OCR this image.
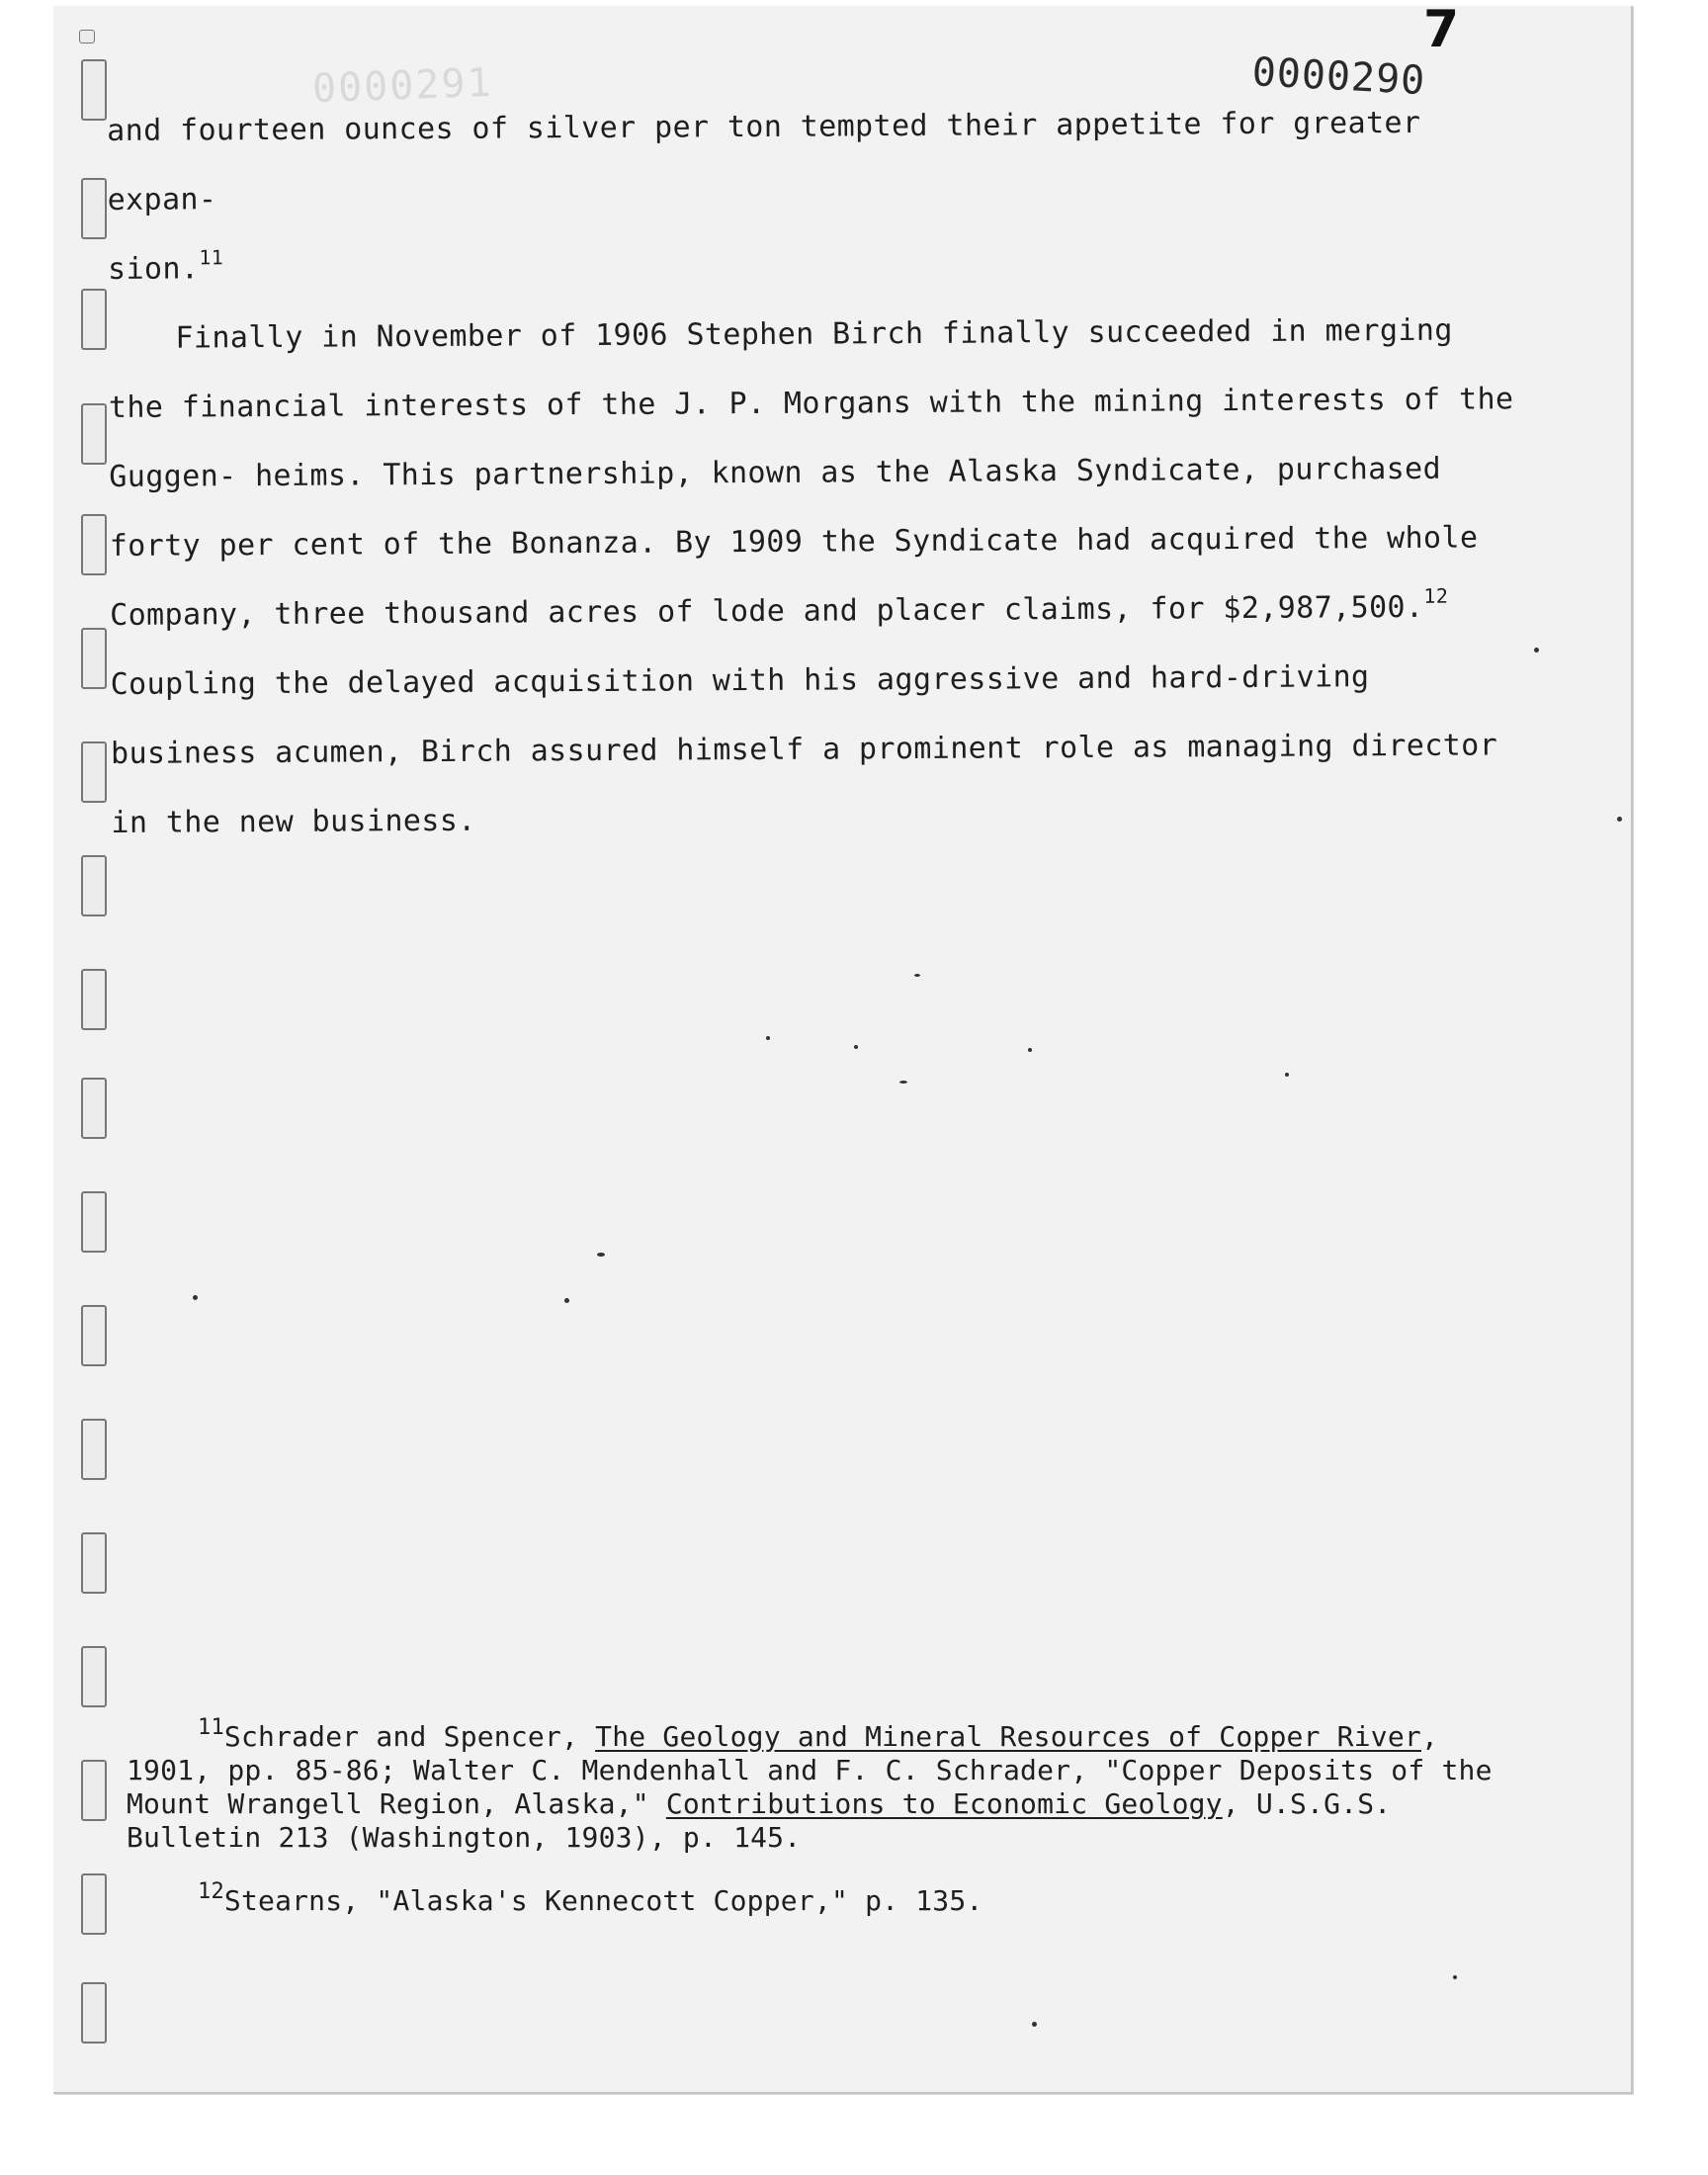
0000291	0000290
7

and fourteen ounces of silver per ton tempted their appetite for greater expan-
sion.$^{11}$

Finally in November of 1906 Stephen Birch finally succeeded in merging the financial interests of the J. P. Morgans with the mining interests of the Guggen- heims. This partnership, known as the Alaska Syndicate, purchased forty per cent of the Bonanza. By 1909 the Syndicate had acquired the whole Company, three thousand acres of lode and placer claims, for $2,987,500.12 Coupling the delayed acquisition with his aggressive and hard-driving business acumen, Birch assured himself a prominent role as managing director in the new business.

$^{11}$Schrader and Spencer, The Geology and Mineral Resources of Copper River, 1901, pp. 85-86; Walter C. Mendenhall and F. C. Schrader, "Copper Deposits of the Mount Wrangell Region, Alaska," Contributions to Economic Geology, U.S.G.S. Bulletin 213 (Washington, 1903), p. 145.

$^{12}$Stearns, "Alaska's Kennecott Copper," p. 135.
